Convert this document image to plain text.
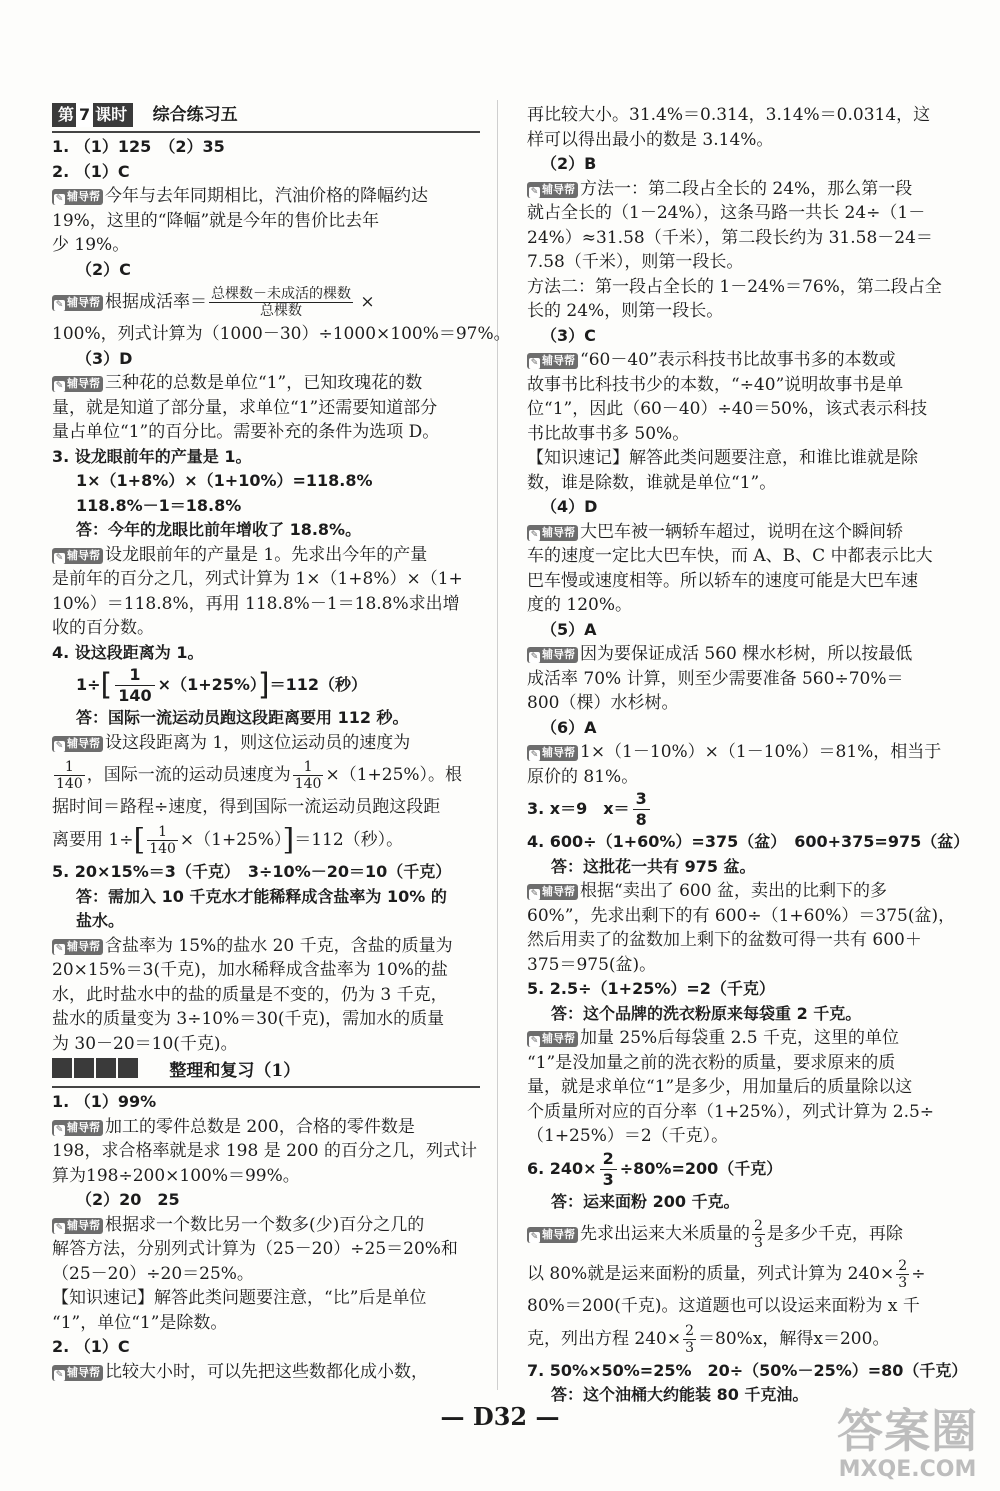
第 7 课时 综合练习五
1. （1）125　（2）35
2. （1）C
✎ 辅导帮 今年与去年同期相比，汽油价格的降幅约达
19%，这里的“降幅”就是今年的售价比去年
少 19%。
（2）C
✎ 辅导帮 根据成活率＝ $\frac{\text{总棵数－未成活的棵数}}{\text{总棵数}}$ ×
100%，列式计算为（1000－30）÷1000×100%＝97%。
（3）D
✎ 辅导帮 三种花的总数是单位“1”，已知玫瑰花的数
量，就是知道了部分量，求单位“1”还需要知道部分
量占单位“1”的百分比。需要补充的条件为选项 D。
3. 设龙眼前年的产量是 1。
1×（1+8%）×（1+10%）=118.8%
118.8%－1＝18.8%
答：今年的龙眼比前年增收了 18.8%。
✎ 辅导帮 设龙眼前年的产量是 1。先求出今年的产量
是前年的百分之几，列式计算为 1×（1+8%）×（1+
10%）＝118.8%，再用 118.8%－1＝18.8%求出增
收的百分数。
4. 设这段距离为 1。
$1\div[ \frac{1}{140} \times(1+25\%)]=112$（秒）
答：国际一流运动员跑这段距离要用 112 秒。
✎ 辅导帮 设这段距离为 1，则这位运动员的速度为
$\frac{1}{140}$ ，国际一流的运动员速度为 $\frac{1}{140} \times(1+25\%)$。根
据时间＝路程÷速度，得到国际一流运动员跑这段距
离要用 $1\div[ \frac{1}{140} \times(1+25\%)]=112$（秒）。
5. 20×15%＝3（千克）　3÷10%－20＝10（千克）
答：需加入 10 千克水才能稀释成含盐率为 10% 的
盐水。
✎ 辅导帮 含盐率为 15%的盐水 20 千克，含盐的质量为
20×15%＝3(千克)，加水稀释成含盐率为 10%的盐
水，此时盐水中的盐的质量是不变的，仍为 3 千克，
盐水的质量变为 3÷10%＝30(千克)，需加水的质量
为 30－20＝10(千克)。
整理和复习（1）
1. （1）99%
✎ 辅导帮 加工的零件总数是 200，合格的零件数是
198，求合格率就是求 198 是 200 的百分之几，列式计
算为198÷200×100%＝99%。
（2）20　25
✎ 辅导帮 根据求一个数比另一个数多(少)百分之几的
解答方法，分别列式计算为（25－20）÷25＝20%和
（25－20）÷20＝25%。
【知识速记】解答此类问题要注意，“比”后是单位
“1”，单位“1”是除数。
2. （1）C
✎ 辅导帮 比较大小时，可以先把这些数都化成小数，
再比较大小。31.4%＝0.314，3.14%＝0.0314，这
样可以得出最小的数是 3.14%。
（2）B
✎ 辅导帮 方法一：第二段占全长的 24%，那么第一段
就占全长的（1－24%），这条马路一共长 24÷（1－
24%）≈31.58（千米），第二段长约为 31.58－24＝
7.58（千米），则第一段长。
方法二：第一段占全长的 1－24%＝76%，第二段占全
长的 24%，则第一段长。
（3）C
✎ 辅导帮 “60－40”表示科技书比故事书多的本数或
故事书比科技书少的本数，“÷40”说明故事书是单
位“1”，因此（60－40）÷40＝50%，该式表示科技
书比故事书多 50%。
【知识速记】解答此类问题要注意，和谁比谁就是除
数，谁是除数，谁就是单位“1”。
（4）D
✎ 辅导帮 大巴车被一辆轿车超过，说明在这个瞬间轿
车的速度一定比大巴车快，而 A、B、C 中都表示比大
巴车慢或速度相等。所以轿车的速度可能是大巴车速
度的 120%。
（5）A
✎ 辅导帮 因为要保证成活 560 棵水杉树，所以按最低
成活率 70% 计算，则至少需要准备 560÷70%＝
800（棵）水杉树。
（6）A
✎ 辅导帮 1×（1－10%）×（1－10%）＝81%，相当于
原价的 81%。
3. x＝9　$x= \frac{3}{8}$
4. 600÷（1+60%）=375（盆）　600+375=975（盆）
答：这批花一共有 975 盆。
✎ 辅导帮 根据“卖出了 600 盆，卖出的比剩下的多
60%”，先求出剩下的有 600÷（1+60%）＝375(盆)，
然后用卖了的盆数加上剩下的盆数可得一共有 600＋
375＝975(盆)。
5. 2.5÷（1+25%）=2（千克）
答：这个品牌的洗衣粉原来每袋重 2 千克。
✎ 辅导帮 加量 25%后每袋重 2.5 千克，这里的单位
“1”是没加量之前的洗衣粉的质量，要求原来的质
量，就是求单位“1”是多少，用加量后的质量除以这
个质量所对应的百分率（1+25%），列式计算为 2.5÷
（1+25%）＝2（千克）。
6. $240\times \frac{2}{3} \div 80\%=200$（千克）
答：运来面粉 200 千克。
✎ 辅导帮 先求出运来大米质量的 $\frac{2}{3}$ 是多少千克，再除
以 80%就是运来面粉的质量，列式计算为 $240\times \frac{2}{3}$ ÷
80%＝200(千克)。这道题也可以设运来面粉为 x 千
克，列出方程 $240\times \frac{2}{3} =80\%x$，解得x＝200。
7. 50%×50%=25%　20÷（50%－25%）=80（千克）
答：这个油桶大约能装 80 千克油。
— D32 —	答案圈
MXQE.COM
